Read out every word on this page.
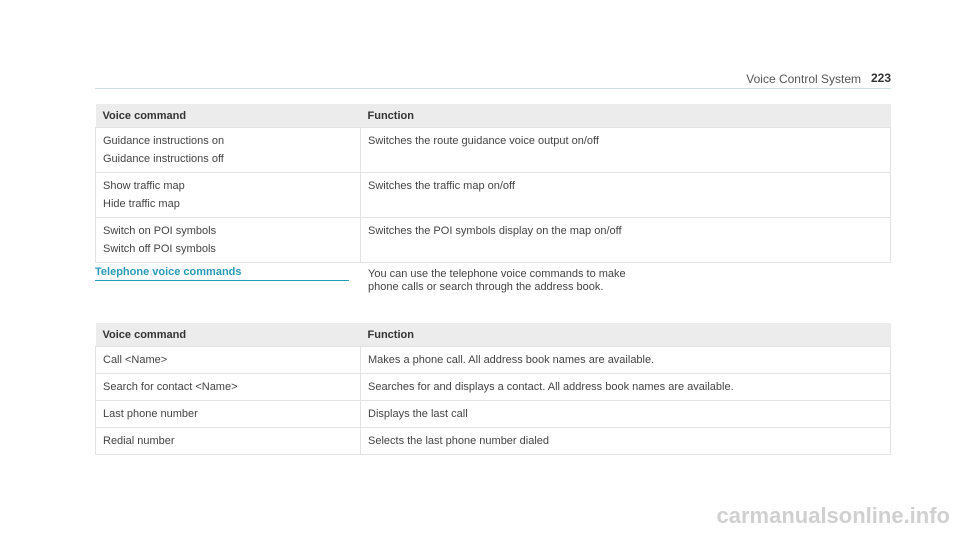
Voice Control System 223
Voice command	Function

Guidance instructions on
Guidance instructions off	Switches the route guidance voice output on/off

Show traffic map
Hide traffic map	Switches the traffic map on/off

Switch on POI symbols
Switch off POI symbols	Switches the POI symbols display on the map on/off
Telephone voice commands	You can use the telephone voice commands to make phone calls or search through the address book.

Voice command	Function
Call <Name>	Makes a phone call. All address book names are available.
Search for contact <Name>	Searches for and displays a contact. All address book names are available.
Last phone number	Displays the last call
Redial number	Selects the last phone number dialed
carmanualsonline.info
